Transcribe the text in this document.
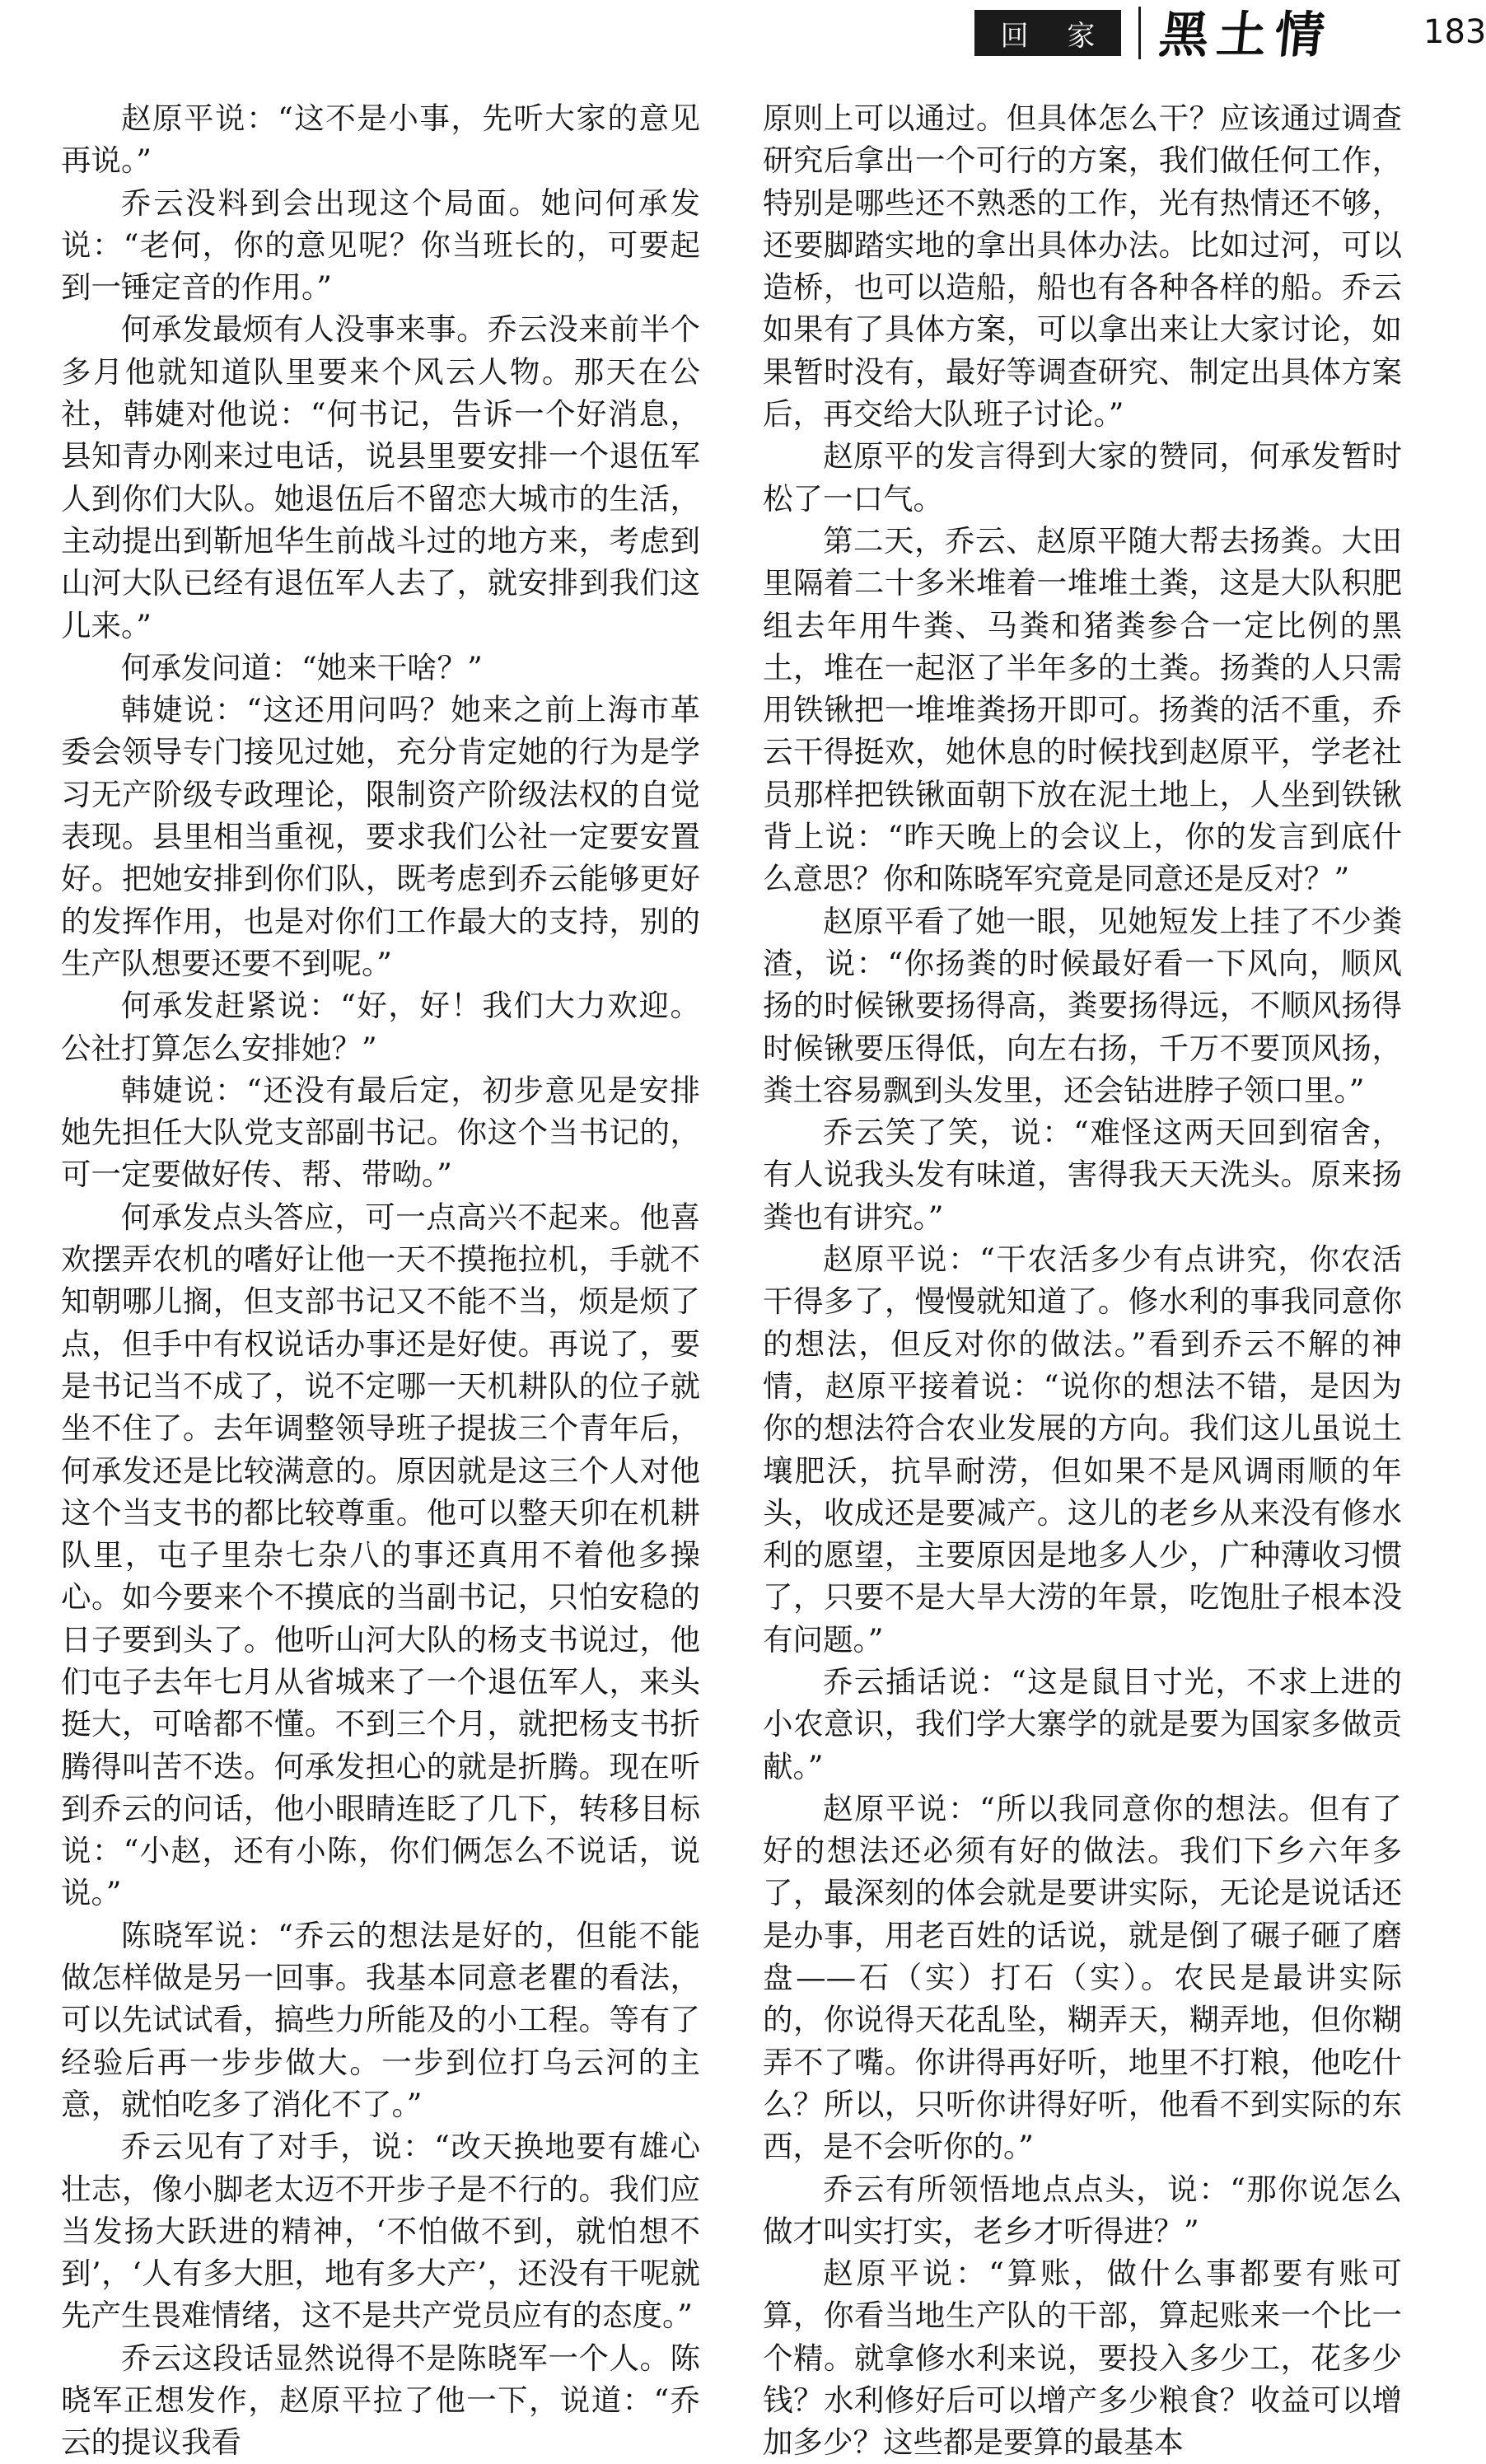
回 家 黑土情	183

赵原平说：“这不是小事，先听大家的意见再说。”

乔云没料到会出现这个局面。她问何承发说：“老何，你的意见呢？你当班长的，可要起到一锤定音的作用。”

何承发最烦有人没事来事。乔云没来前半个多月他就知道队里要来个风云人物。那天在公社，韩婕对他说：“何书记，告诉一个好消息，县知青办刚来过电话，说县里要安排一个退伍军人到你们大队。她退伍后不留恋大城市的生活，主动提出到靳旭华生前战斗过的地方来，考虑到山河大队已经有退伍军人去了，就安排到我们这儿来。”

何承发问道：“她来干啥？”

韩婕说：“这还用问吗？她来之前上海市革委会领导专门接见过她，充分肯定她的行为是学习无产阶级专政理论，限制资产阶级法权的自觉表现。县里相当重视，要求我们公社一定要安置好。把她安排到你们队，既考虑到乔云能够更好的发挥作用，也是对你们工作最大的支持，别的生产队想要还要不到呢。”

何承发赶紧说：“好，好！我们大力欢迎。公社打算怎么安排她？”

韩婕说：“还没有最后定，初步意见是安排她先担任大队党支部副书记。你这个当书记的，可一定要做好传、帮、带呦。”

何承发点头答应，可一点高兴不起来。他喜欢摆弄农机的嗜好让他一天不摸拖拉机，手就不知朝哪儿搁，但支部书记又不能不当，烦是烦了点，但手中有权说话办事还是好使。再说了，要是书记当不成了，说不定哪一天机耕队的位子就坐不住了。去年调整领导班子提拔三个青年后，何承发还是比较满意的。原因就是这三个人对他这个当支书的都比较尊重。他可以整天卯在机耕队里，屯子里杂七杂八的事还真用不着他多操心。如今要来个不摸底的当副书记，只怕安稳的日子要到头了。他听山河大队的杨支书说过，他们屯子去年七月从省城来了一个退伍军人，来头挺大，可啥都不懂。不到三个月，就把杨支书折腾得叫苦不迭。何承发担心的就是折腾。现在听到乔云的问话，他小眼睛连眨了几下，转移目标说：“小赵，还有小陈，你们俩怎么不说话，说说。”

陈晓军说：“乔云的想法是好的，但能不能做怎样做是另一回事。我基本同意老瞿的看法，可以先试试看，搞些力所能及的小工程。等有了经验后再一步步做大。一步到位打乌云河的主意，就怕吃多了消化不了。”

乔云见有了对手，说：“改天换地要有雄心壮志，像小脚老太迈不开步子是不行的。我们应当发扬大跃进的精神，‘不怕做不到，就怕想不到’，‘人有多大胆，地有多大产’，还没有干呢就先产生畏难情绪，这不是共产党员应有的态度。”

乔云这段话显然说得不是陈晓军一个人。陈晓军正想发作，赵原平拉了他一下，说道：“乔云的提议我看

原则上可以通过。但具体怎么干？应该通过调查研究后拿出一个可行的方案，我们做任何工作，特别是哪些还不熟悉的工作，光有热情还不够，还要脚踏实地的拿出具体办法。比如过河，可以造桥，也可以造船，船也有各种各样的船。乔云如果有了具体方案，可以拿出来让大家讨论，如果暂时没有，最好等调查研究、制定出具体方案后，再交给大队班子讨论。”

赵原平的发言得到大家的赞同，何承发暂时松了一口气。

第二天，乔云、赵原平随大帮去扬粪。大田里隔着二十多米堆着一堆堆土粪，这是大队积肥组去年用牛粪、马粪和猪粪参合一定比例的黑土，堆在一起沤了半年多的土粪。扬粪的人只需用铁锹把一堆堆粪扬开即可。扬粪的活不重，乔云干得挺欢，她休息的时候找到赵原平，学老社员那样把铁锹面朝下放在泥土地上，人坐到铁锹背上说：“昨天晚上的会议上，你的发言到底什么意思？你和陈晓军究竟是同意还是反对？”

赵原平看了她一眼，见她短发上挂了不少粪渣，说：“你扬粪的时候最好看一下风向，顺风扬的时候锹要扬得高，粪要扬得远，不顺风扬得时候锹要压得低，向左右扬，千万不要顶风扬，粪土容易飘到头发里，还会钻进脖子领口里。”

乔云笑了笑，说：“难怪这两天回到宿舍，有人说我头发有味道，害得我天天洗头。原来扬粪也有讲究。”

赵原平说：“干农活多少有点讲究，你农活干得多了，慢慢就知道了。修水利的事我同意你的想法，但反对你的做法。”看到乔云不解的神情，赵原平接着说：“说你的想法不错，是因为你的想法符合农业发展的方向。我们这儿虽说土壤肥沃，抗旱耐涝，但如果不是风调雨顺的年头，收成还是要减产。这儿的老乡从来没有修水利的愿望，主要原因是地多人少，广种薄收习惯了，只要不是大旱大涝的年景，吃饱肚子根本没有问题。”

乔云插话说：“这是鼠目寸光，不求上进的小农意识，我们学大寨学的就是要为国家多做贡献。”

赵原平说：“所以我同意你的想法。但有了好的想法还必须有好的做法。我们下乡六年多了，最深刻的体会就是要讲实际，无论是说话还是办事，用老百姓的话说，就是倒了碾子砸了磨盘——石（实）打石（实）。农民是最讲实际的，你说得天花乱坠，糊弄天，糊弄地，但你糊弄不了嘴。你讲得再好听，地里不打粮，他吃什么？所以，只听你讲得好听，他看不到实际的东西，是不会听你的。”

乔云有所领悟地点点头，说：“那你说怎么做才叫实打实，老乡才听得进？”

赵原平说：“算账，做什么事都要有账可算，你看当地生产队的干部，算起账来一个比一个精。就拿修水利来说，要投入多少工，花多少钱？水利修好后可以增产多少粮食？收益可以增加多少？这些都是要算的最基本
